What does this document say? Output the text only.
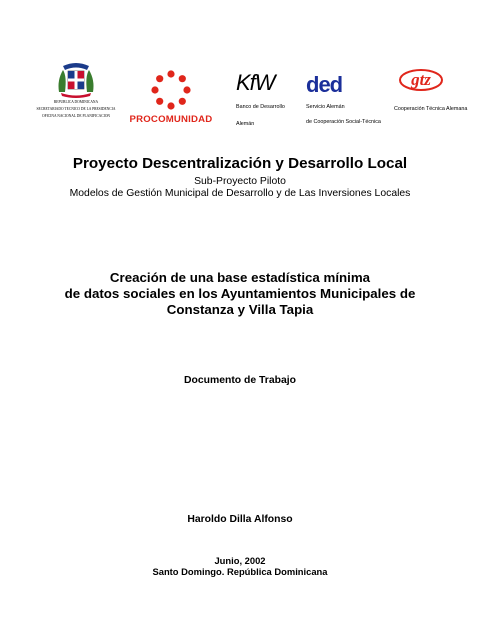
REPUBLICA DOMINICANA
SECRETARIADO TECNICO DE LA PRESIDENCIA
OFICINA NACIONAL DE PLANIFICACION	PROCOMUNIDAD
KfW
Banco de Desarrollo
Alemán
ded
Servicio Alemán
de Cooperación Social-Técnica
gtz
Cooperación Técnica Alemana
Proyecto Descentralización y Desarrollo Local
Sub-Proyecto Piloto
Modelos de Gestión Municipal de Desarrollo y de Las Inversiones Locales
Creación de una base estadística mínima
de datos sociales en los Ayuntamientos Municipales de
Constanza y Villa Tapia
Documento de Trabajo
Haroldo Dilla Alfonso
Junio, 2002
Santo Domingo. República Dominicana
